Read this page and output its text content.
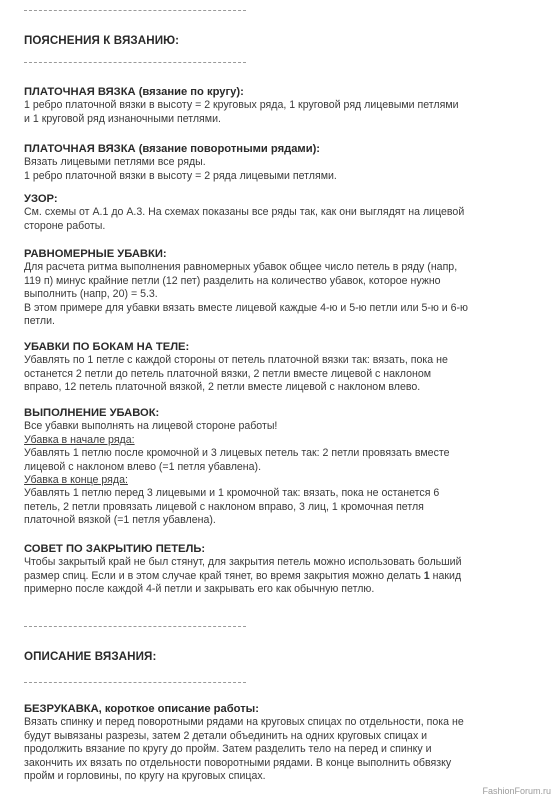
ПОЯСНЕНИЯ К ВЯЗАНИЮ:
ПЛАТОЧНАЯ ВЯЗКА (вязание по кругу):
1 ребро платочной вязки в высоту = 2 круговых ряда, 1 круговой ряд лицевыми петлями
и 1 круговой ряд изнаночными петлями.
ПЛАТОЧНАЯ ВЯЗКА (вязание поворотными рядами):
Вязать лицевыми петлями все ряды.
1 ребро платочной вязки в высоту = 2 ряда лицевыми петлями.
УЗОР:
См. схемы от А.1 до А.3. На схемах показаны все ряды так, как они выглядят на лицевой
стороне работы.
РАВНОМЕРНЫЕ УБАВКИ:
Для расчета ритма выполнения равномерных убавок общее число петель в ряду (напр,
119 п) минус крайние петли (12 пет) разделить на количество убавок, которое нужно
выполнить (напр, 20) = 5.3.
В этом примере для убавки вязать вместе лицевой каждые 4-ю и 5-ю петли или 5-ю и 6-ю
петли.
УБАВКИ ПО БОКАМ НА ТЕЛЕ:
Убавлять по 1 петле с каждой стороны от петель платочной вязки так: вязать, пока не
останется 2 петли до петель платочной вязки, 2 петли вместе лицевой с наклоном
вправо, 12 петель платочной вязкой, 2 петли вместе лицевой с наклоном влево.
ВЫПОЛНЕНИЕ УБАВОК:
Все убавки выполнять на лицевой стороне работы!
Убавка в начале ряда:
Убавлять 1 петлю после кромочной и 3 лицевых петель так: 2 петли провязать вместе
лицевой с наклоном влево (=1 петля убавлена).
Убавка в конце ряда:
Убавлять 1 петлю перед 3 лицевыми и 1 кромочной так: вязать, пока не останется 6
петель, 2 петли провязать лицевой с наклоном вправо, 3 лиц, 1 кромочная петля
платочной вязкой (=1 петля убавлена).
СОВЕТ ПО ЗАКРЫТИЮ ПЕТЕЛЬ:
Чтобы закрытый край не был стянут, для закрытия петель можно использовать больший
размер спиц. Если и в этом случае край тянет, во время закрытия можно делать 1 накид
примерно после каждой 4-й петли и закрывать его как обычную петлю.
ОПИСАНИЕ ВЯЗАНИЯ:
БЕЗРУКАВКА, короткое описание работы:
Вязать спинку и перед поворотными рядами на круговых спицах по отдельности, пока не
будут вывязаны разрезы, затем 2 детали объединить на одних круговых спицах и
продолжить вязание по кругу до пройм. Затем разделить тело на перед и спинку и
закончить их вязать по отдельности поворотными рядами. В конце выполнить обвязку
пройм и горловины, по кругу на круговых спицах.
FashionForum.ru
